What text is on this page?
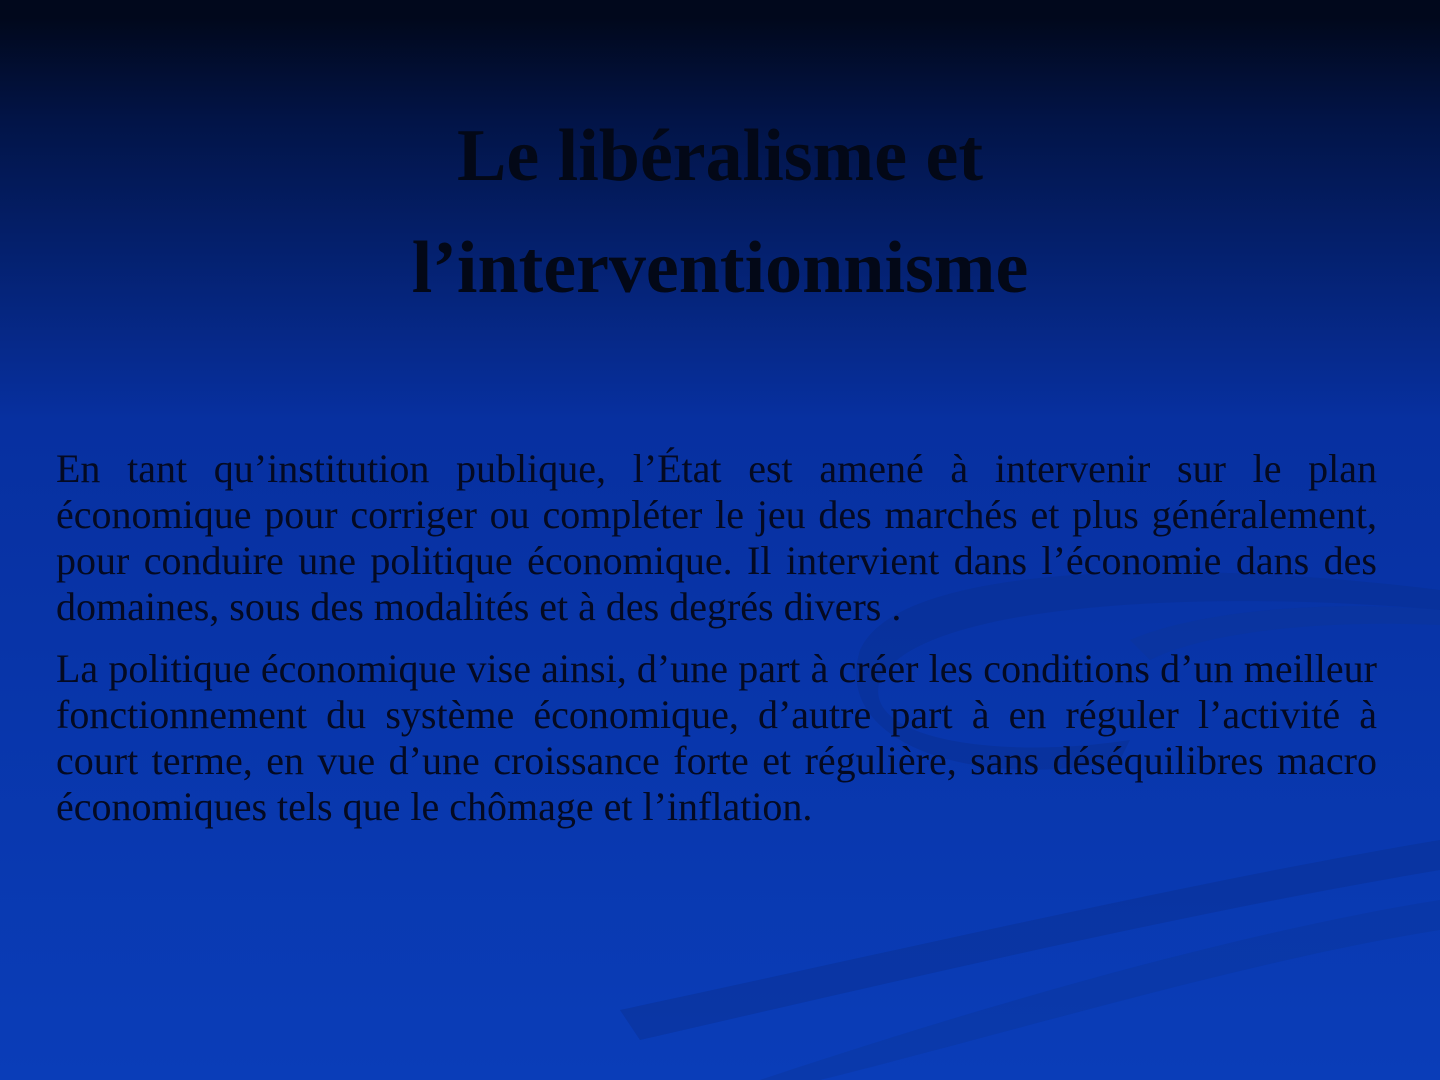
Le libéralisme et
l’interventionnisme

En tant qu’institution publique, l’État est amené à intervenir sur le plan économique pour corriger ou compléter le jeu des marchés et plus généralement, pour conduire une politique économique. Il intervient dans l’économie dans des domaines, sous des modalités et à des degrés divers .

La politique économique vise ainsi, d’une part à créer les conditions d’un meilleur fonctionnement du système économique, d’autre part à en réguler l’activité à court terme, en vue d’une croissance forte et régulière, sans déséquilibres macro économiques tels que le chômage et l’inflation.
